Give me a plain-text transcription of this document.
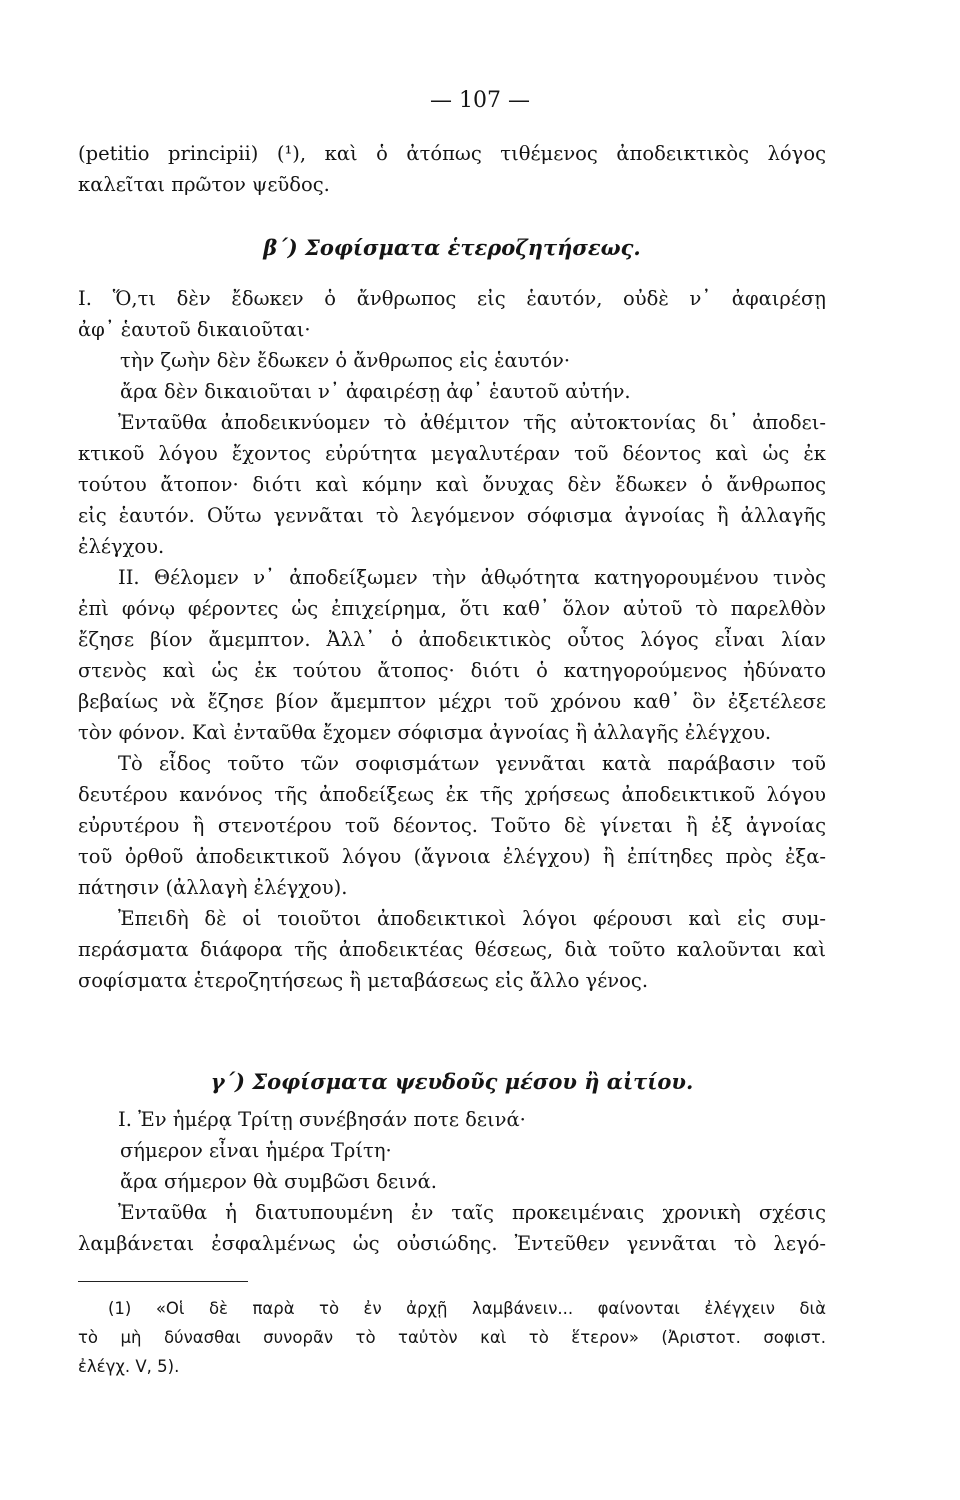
— 107 —
(petitio principii) (¹), καὶ ὁ ἀτόπως τιθέμενος ἀποδεικτικὸς λόγος
καλεῖται πρῶτον ψεῦδος.
β΄) Σοφίσματα ἑτεροζητήσεως.
Ι. Ὅ,τι δὲν ἔδωκεν ὁ ἄνθρωπος εἰς ἑαυτόν, οὐδὲ ν᾽ ἀφαιρέσῃ
ἀφ᾽ ἑαυτοῦ δικαιοῦται·
τὴν ζωὴν δὲν ἔδωκεν ὁ ἄνθρωπος εἰς ἑαυτόν·
ἄρα δὲν δικαιοῦται ν᾽ ἀφαιρέσῃ ἀφ᾽ ἑαυτοῦ αὐτήν.
Ἐνταῦθα ἀποδεικνύομεν τὸ ἀθέμιτον τῆς αὐτοκτονίας δι᾽ ἀποδει-
κτικοῦ λόγου ἔχοντος εὐρύτητα μεγαλυτέραν τοῦ δέοντος καὶ ὡς ἐκ
τούτου ἄτοπον· διότι καὶ κόμην καὶ ὄνυχας δὲν ἔδωκεν ὁ ἄνθρωπος
εἰς ἑαυτόν. Οὕτω γεννᾶται τὸ λεγόμενον σόφισμα ἀγνοίας ἢ ἀλλαγῆς
ἐλέγχου.
ΙΙ. Θέλομεν ν᾽ ἀποδείξωμεν τὴν ἀθῳότητα κατηγορουμένου τινὸς
ἐπὶ φόνῳ φέροντες ὡς ἐπιχείρημα, ὅτι καθ᾽ ὅλον αὐτοῦ τὸ παρελθὸν
ἔζησε βίον ἄμεμπτον. Ἀλλ᾽ ὁ ἀποδεικτικὸς οὗτος λόγος εἶναι λίαν
στενὸς καὶ ὡς ἐκ τούτου ἄτοπος· διότι ὁ κατηγορούμενος ἠδύνατο
βεβαίως νὰ ἔζησε βίον ἄμεμπτον μέχρι τοῦ χρόνου καθ᾽ ὃν ἐξετέλεσε
τὸν φόνον. Καὶ ἐνταῦθα ἔχομεν σόφισμα ἀγνοίας ἢ ἀλλαγῆς ἐλέγχου.
Τὸ εἶδος τοῦτο τῶν σοφισμάτων γεννᾶται κατὰ παράβασιν τοῦ
δευτέρου κανόνος τῆς ἀποδείξεως ἐκ τῆς χρήσεως ἀποδεικτικοῦ λόγου
εὐρυτέρου ἢ στενοτέρου τοῦ δέοντος. Τοῦτο δὲ γίνεται ἢ ἐξ ἀγνοίας
τοῦ ὀρθοῦ ἀποδεικτικοῦ λόγου (ἄγνοια ἐλέγχου) ἢ ἐπίτηδες πρὸς ἐξα-
πάτησιν (ἀλλαγὴ ἐλέγχου).
Ἐπειδὴ δὲ οἱ τοιοῦτοι ἀποδεικτικοὶ λόγοι φέρουσι καὶ εἰς συμ-
περάσματα διάφορα τῆς ἀποδεικτέας θέσεως, διὰ τοῦτο καλοῦνται καὶ
σοφίσματα ἑτεροζητήσεως ἢ μεταβάσεως εἰς ἄλλο γένος.
γ΄) Σοφίσματα ψευδοῦς μέσου ἢ αἰτίου.
Ι. Ἐν ἡμέρᾳ Τρίτῃ συνέβησάν ποτε δεινά·
σήμερον εἶναι ἡμέρα Τρίτη·
ἄρα σήμερον θὰ συμβῶσι δεινά.
Ἐνταῦθα ἡ διατυπουμένη ἐν ταῖς προκειμέναις χρονικὴ σχέσις
λαμβάνεται ἐσφαλμένως ὡς οὐσιώδης. Ἐντεῦθεν γεννᾶται τὸ λεγό-
(1) «Οἱ δὲ παρὰ τὸ ἐν ἀρχῇ λαμβάνειν... φαίνονται ἐλέγχειν διὰ
τὸ μὴ δύνασθαι συνορᾶν τὸ ταὐτὸν καὶ τὸ ἕτερον» (Ἀριστοτ. σοφιστ.
ἐλέγχ. V, 5).
